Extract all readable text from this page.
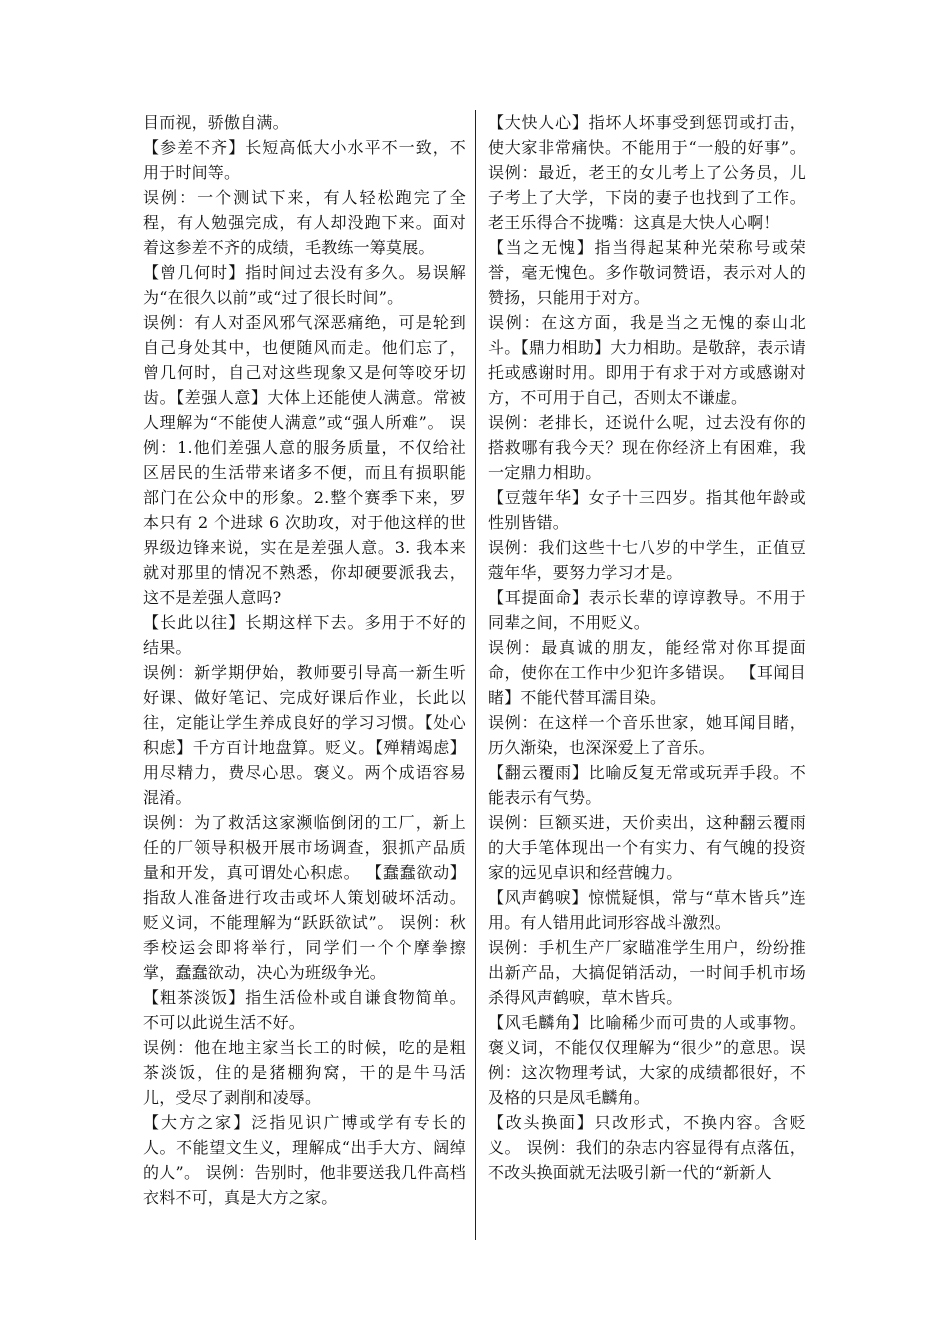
目而视，骄傲自满。

【参差不齐】长短高低大小水平不一致，不用于时间等。

误例：一个测试下来，有人轻松跑完了全程，有人勉强完成，有人却没跑下来。面对着这参差不齐的成绩，毛教练一筹莫展。

【曾几何时】指时间过去没有多久。易误解为“在很久以前”或“过了很长时间”。

误例：有人对歪风邪气深恶痛绝，可是轮到自己身处其中，也便随风而走。他们忘了，曾几何时，自己对这些现象又是何等咬牙切齿。【差强人意】大体上还能使人满意。常被人理解为“不能使人满意”或“强人所难”。 误例：1.他们差强人意的服务质量，不仅给社区居民的生活带来诸多不便，而且有损职能部门在公众中的形象。2.整个赛季下来，罗本只有 2 个进球 6 次助攻，对于他这样的世界级边锋来说，实在是差强人意。3. 我本来就对那里的情况不熟悉，你却硬要派我去，这不是差强人意吗?

【长此以往】长期这样下去。多用于不好的结果。

误例：新学期伊始，教师要引导高一新生听好课、做好笔记、完成好课后作业，长此以往，定能让学生养成良好的学习习惯。【处心积虑】千方百计地盘算。贬义。【殚精竭虑】用尽精力，费尽心思。褒义。两个成语容易混淆。

误例：为了救活这家濒临倒闭的工厂，新上任的厂领导积极开展市场调查，狠抓产品质量和开发，真可谓处心积虑。 【蠢蠢欲动】指敌人准备进行攻击或坏人策划破坏活动。贬义词，不能理解为“跃跃欲试”。 误例：秋季校运会即将举行，同学们一个个摩拳擦掌，蠢蠢欲动，决心为班级争光。

【粗茶淡饭】指生活俭朴或自谦食物简单。不可以此说生活不好。

误例：他在地主家当长工的时候，吃的是粗茶淡饭，住的是猪棚狗窝，干的是牛马活儿，受尽了剥削和凌辱。

【大方之家】泛指见识广博或学有专长的人。不能望文生义，理解成“出手大方、阔绰的人”。 误例：告别时，他非要送我几件高档衣料不可，真是大方之家。

【大快人心】指坏人坏事受到惩罚或打击，使大家非常痛快。不能用于“一般的好事”。 误例：最近，老王的女儿考上了公务员，儿子考上了大学，下岗的妻子也找到了工作。老王乐得合不拢嘴：这真是大快人心啊！

【当之无愧】指当得起某种光荣称号或荣誉，毫无愧色。多作敬词赞语，表示对人的赞扬，只能用于对方。

误例：在这方面，我是当之无愧的泰山北斗。【鼎力相助】大力相助。是敬辞，表示请托或感谢时用。即用于有求于对方或感谢对方，不可用于自己，否则太不谦虚。

误例：老排长，还说什么呢，过去没有你的搭救哪有我今天？现在你经济上有困难，我一定鼎力相助。

【豆蔻年华】女子十三四岁。指其他年龄或性别皆错。

误例：我们这些十七八岁的中学生，正值豆蔻年华，要努力学习才是。

【耳提面命】表示长辈的谆谆教导。不用于同辈之间，不用贬义。

误例：最真诚的朋友，能经常对你耳提面命，使你在工作中少犯许多错误。 【耳闻目睹】不能代替耳濡目染。

误例：在这样一个音乐世家，她耳闻目睹，历久渐染，也深深爱上了音乐。

【翻云覆雨】比喻反复无常或玩弄手段。不能表示有气势。

误例：巨额买进，天价卖出，这种翻云覆雨的大手笔体现出一个有实力、有气魄的投资家的远见卓识和经营魄力。

【风声鹤唳】惊慌疑惧，常与“草木皆兵”连用。有人错用此词形容战斗激烈。

误例：手机生产厂家瞄准学生用户，纷纷推出新产品，大搞促销活动，一时间手机市场杀得风声鹤唳，草木皆兵。

【风毛麟角】比喻稀少而可贵的人或事物。褒义词，不能仅仅理解为“很少”的意思。误例：这次物理考试，大家的成绩都很好，不及格的只是凤毛麟角。

【改头换面】只改形式，不换内容。含贬义。 误例：我们的杂志内容显得有点落伍，不改头换面就无法吸引新一代的“新新人
